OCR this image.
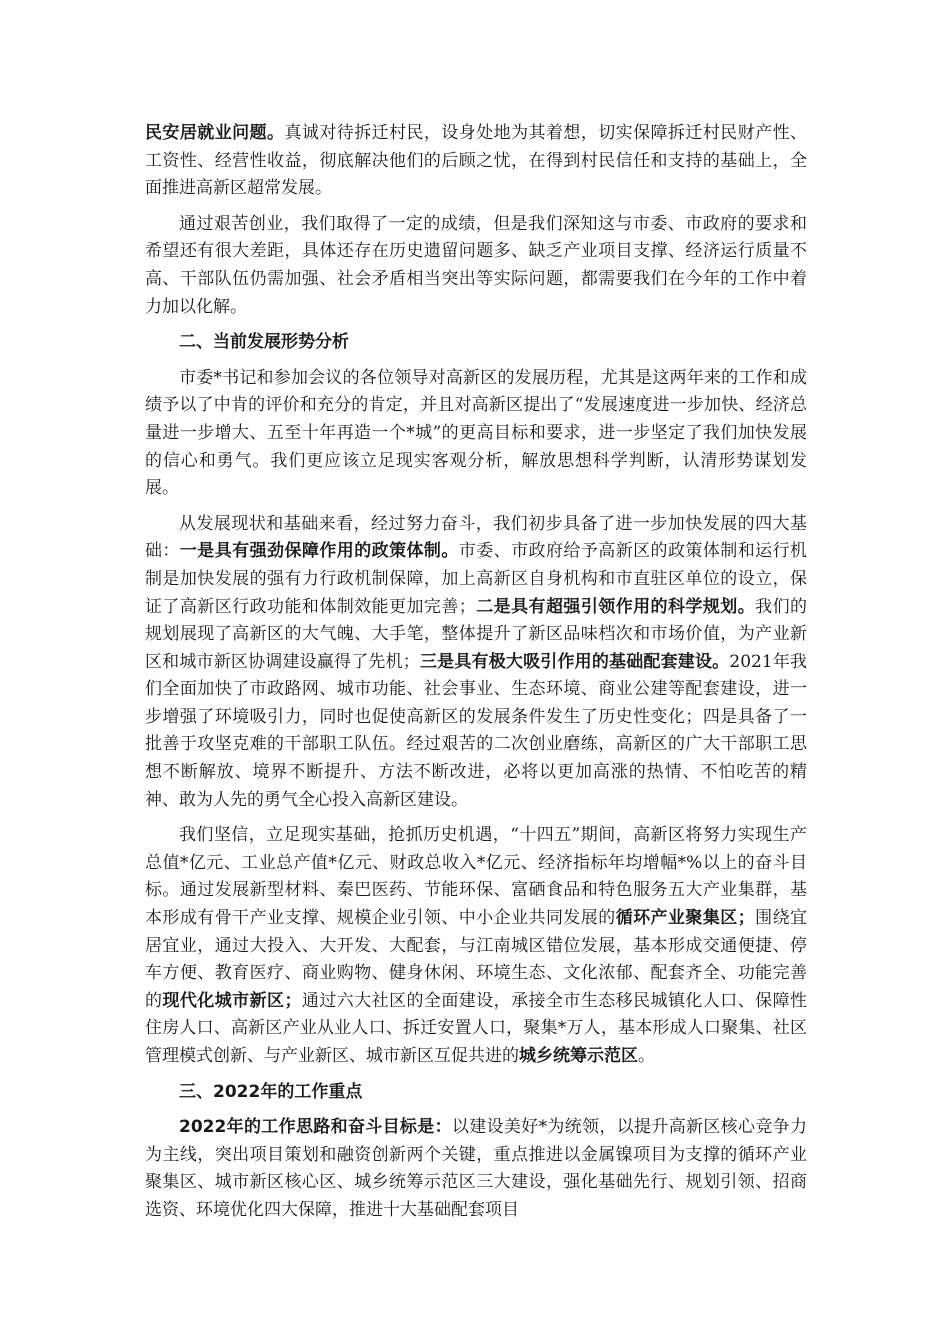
民安居就业问题。真诚对待拆迁村民，设身处地为其着想，切实保障拆迁村民财产性、工资性、经营性收益，彻底解决他们的后顾之忧，在得到村民信任和支持的基础上，全面推进高新区超常发展。

通过艰苦创业，我们取得了一定的成绩，但是我们深知这与市委、市政府的要求和希望还有很大差距，具体还存在历史遗留问题多、缺乏产业项目支撑、经济运行质量不高、干部队伍仍需加强、社会矛盾相当突出等实际问题，都需要我们在今年的工作中着力加以化解。

二、当前发展形势分析

市委*书记和参加会议的各位领导对高新区的发展历程，尤其是这两年来的工作和成绩予以了中肯的评价和充分的肯定，并且对高新区提出了“发展速度进一步加快、经济总量进一步增大、五至十年再造一个*城”的更高目标和要求，进一步坚定了我们加快发展的信心和勇气。我们更应该立足现实客观分析，解放思想科学判断，认清形势谋划发展。

从发展现状和基础来看，经过努力奋斗，我们初步具备了进一步加快发展的四大基础：一是具有强劲保障作用的政策体制。市委、市政府给予高新区的政策体制和运行机制是加快发展的强有力行政机制保障，加上高新区自身机构和市直驻区单位的设立，保证了高新区行政功能和体制效能更加完善；二是具有超强引领作用的科学规划。我们的规划展现了高新区的大气魄、大手笔，整体提升了新区品味档次和市场价值，为产业新区和城市新区协调建设赢得了先机；三是具有极大吸引作用的基础配套建设。2021年我们全面加快了市政路网、城市功能、社会事业、生态环境、商业公建等配套建设，进一步增强了环境吸引力，同时也促使高新区的发展条件发生了历史性变化；四是具备了一批善于攻坚克难的干部职工队伍。经过艰苦的二次创业磨练，高新区的广大干部职工思想不断解放、境界不断提升、方法不断改进，必将以更加高涨的热情、不怕吃苦的精神、敢为人先的勇气全心投入高新区建设。

我们坚信，立足现实基础，抢抓历史机遇，“十四五”期间，高新区将努力实现生产总值*亿元、工业总产值*亿元、财政总收入*亿元、经济指标年均增幅*%以上的奋斗目标。通过发展新型材料、秦巴医药、节能环保、富硒食品和特色服务五大产业集群，基本形成有骨干产业支撑、规模企业引领、中小企业共同发展的循环产业聚集区；围绕宜居宜业，通过大投入、大开发、大配套，与江南城区错位发展，基本形成交通便捷、停车方便、教育医疗、商业购物、健身休闲、环境生态、文化浓郁、配套齐全、功能完善的现代化城市新区；通过六大社区的全面建设，承接全市生态移民城镇化人口、保障性住房人口、高新区产业从业人口、拆迁安置人口，聚集*万人，基本形成人口聚集、社区管理模式创新、与产业新区、城市新区互促共进的城乡统筹示范区。

三、2022年的工作重点

2022年的工作思路和奋斗目标是：以建设美好*为统领，以提升高新区核心竞争力为主线，突出项目策划和融资创新两个关键，重点推进以金属镍项目为支撑的循环产业聚集区、城市新区核心区、城乡统筹示范区三大建设，强化基础先行、规划引领、招商选资、环境优化四大保障，推进十大基础配套项目
